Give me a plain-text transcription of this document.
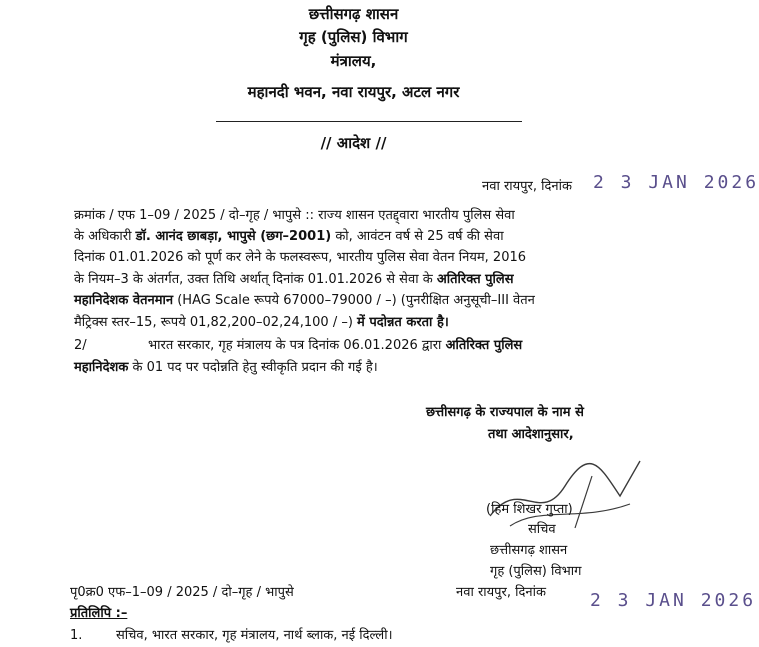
छत्तीसगढ़ शासन
गृह (पुलिस) विभाग
मंत्रालय,
महानदी भवन, नवा रायपुर, अटल नगर
// आदेश //
नवा रायपुर, दिनांक 2 3 JAN 2026
क्रमांक / एफ 1–09 / 2025 / दो–गृह / भापुसे :: राज्य शासन एतद्द्वारा भारतीय पुलिस सेवा
के अधिकारी डॉ. आनंद छाबड़ा, भापुसे (छग–2001) को, आवंटन वर्ष से 25 वर्ष की सेवा
दिनांक 01.01.2026 को पूर्ण कर लेने के फलस्वरूप, भारतीय पुलिस सेवा वेतन नियम, 2016
के नियम–3 के अंतर्गत, उक्त तिथि अर्थात् दिनांक 01.01.2026 से सेवा के अतिरिक्त पुलिस
महानिदेशक वेतनमान (HAG Scale रूपये 67000–79000 / –) (पुनरीक्षित अनुसूची–III वेतन
मैट्रिक्स स्तर–15, रूपये 01,82,200–02,24,100 / –) में पदोन्नत करता है।
2/	भारत सरकार, गृह मंत्रालय के पत्र दिनांक 06.01.2026 द्वारा अतिरिक्त पुलिस
महानिदेशक के 01 पद पर पदोन्नति हेतु स्वीकृति प्रदान की गई है।
छत्तीसगढ़ के राज्यपाल के नाम से
तथा आदेशानुसार,
(हिम शिखर गुप्ता)
सचिव
छत्तीसगढ़ शासन
गृह (पुलिस) विभाग
पृ0क्र0 एफ–1–09 / 2025 / दो–गृह / भापुसे	नवा रायपुर, दिनांक 2 3 JAN 2026
प्रतिलिपि :–
1.	सचिव, भारत सरकार, गृह मंत्रालय, नार्थ ब्लाक, नई दिल्ली।
